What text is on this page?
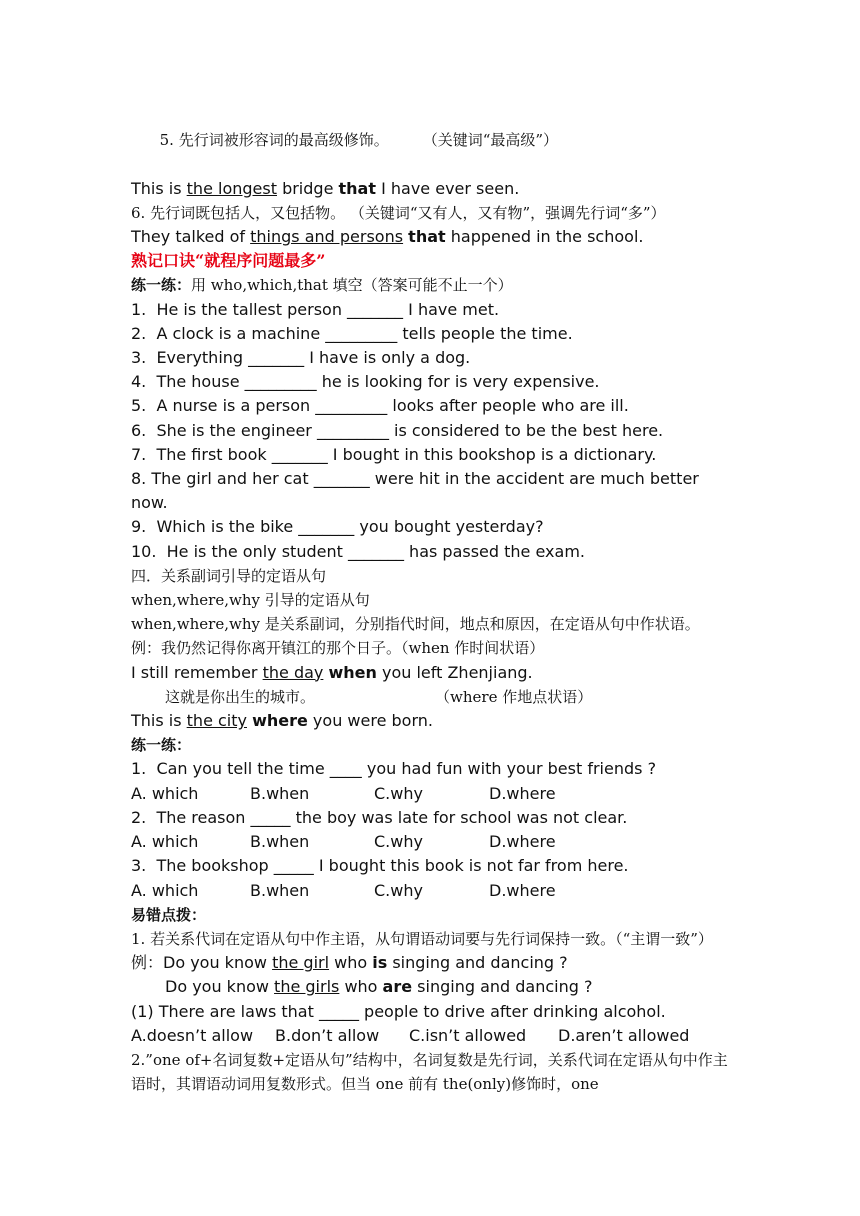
5. 先行词被形容词的最高级修饰。 （关键词“最高级”）

This is the longest bridge that I have ever seen.
6. 先行词既包括人，又包括物。 （关键词“又有人，又有物”，强调先行词“多”）
They talked of things and persons that happened in the school.
熟记口诀“就程序问题最多”
练一练：用 who,which,that 填空（答案可能不止一个）
1.  He is the tallest person _______ I have met.
2.  A clock is a machine _________ tells people the time.
3.  Everything _______ I have is only a dog.
4.  The house _________ he is looking for is very expensive.
5.  A nurse is a person _________ looks after people who are ill.
6.  She is the engineer _________ is considered to be the best here.
7.  The first book _______ I bought in this bookshop is a dictionary.
8. The girl and her cat _______ were hit in the accident are much better now.
9.  Which is the bike _______ you bought yesterday?
10.  He is the only student _______ has passed the exam.
四．关系副词引导的定语从句
when,where,why 引导的定语从句
when,where,why 是关系副词，分别指代时间，地点和原因，在定语从句中作状语。
例：我仍然记得你离开镇江的那个日子。（when 作时间状语）
I still remember the day when you left Zhenjiang.
这就是你出生的城市。	（where 作地点状语）
This is the city where you were born.
练一练：
1.  Can you tell the time ____ you had fun with your best friends ?
A. which	B.when	C.why	D.where
2.  The reason _____ the boy was late for school was not clear.
A. which	B.when	C.why	D.where
3.  The bookshop _____ I bought this book is not far from here.
A. which	B.when	C.why	D.where
易错点拨：
1. 若关系代词在定语从句中作主语，从句谓语动词要与先行词保持一致。（“主谓一致”）
例：Do you know the girl who is singing and dancing ?
Do you know the girls who are singing and dancing ?
(1) There are laws that _____ people to drive after drinking alcohol.
A.doesn’t allow B.don’t allow C.isn’t allowed D.aren’t allowed
2.”one of+名词复数+定语从句”结构中，名词复数是先行词，关系代词在定语从句中作主语时，其谓语动词用复数形式。但当 one 前有 the(only)修饰时，one
